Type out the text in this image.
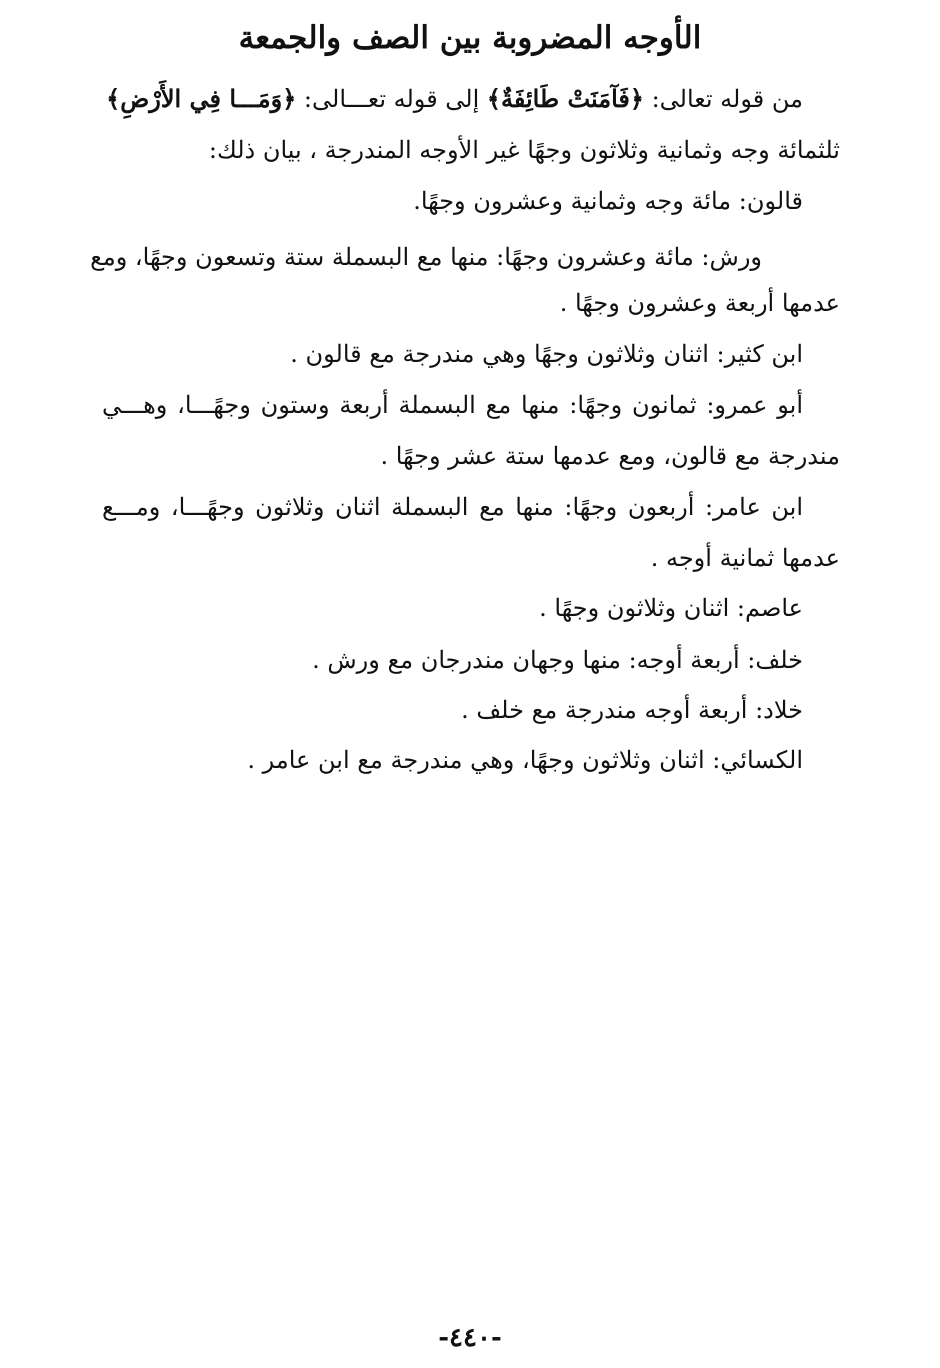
الأوجه المضروبة بين الصف والجمعة
من قوله تعالى: ﴿فَآمَنَتْ طَائِفَةٌ﴾ إلى قوله تعـــالى: ﴿وَمَـــا فِي الأَرْضِ﴾
ثلثمائة وجه وثمانية وثلاثون وجهًا غير الأوجه المندرجة ، بيان ذلك:
قالون: مائة وجه وثمانية وعشرون وجهًا.
ورش: مائة وعشرون وجهًا: منها مع البسملة ستة وتسعون وجهًا، ومع
عدمها أربعة وعشرون وجهًا .
ابن كثير: اثنان وثلاثون وجهًا وهي مندرجة مع قالون .
أبو عمرو: ثمانون وجهًا: منها مع البسملة أربعة وستون وجهًـــا، وهـــي
مندرجة مع قالون، ومع عدمها ستة عشر وجهًا .
ابن عامر: أربعون وجهًا: منها مع البسملة اثنان وثلاثون وجهًـــا، ومـــع
عدمها ثمانية أوجه .
عاصم: اثنان وثلاثون وجهًا .
خلف: أربعة أوجه: منها وجهان مندرجان مع ورش .
خلاد: أربعة أوجه مندرجة مع خلف .
الكسائي: اثنان وثلاثون وجهًا، وهي مندرجة مع ابن عامر .
-٤٤٠-
